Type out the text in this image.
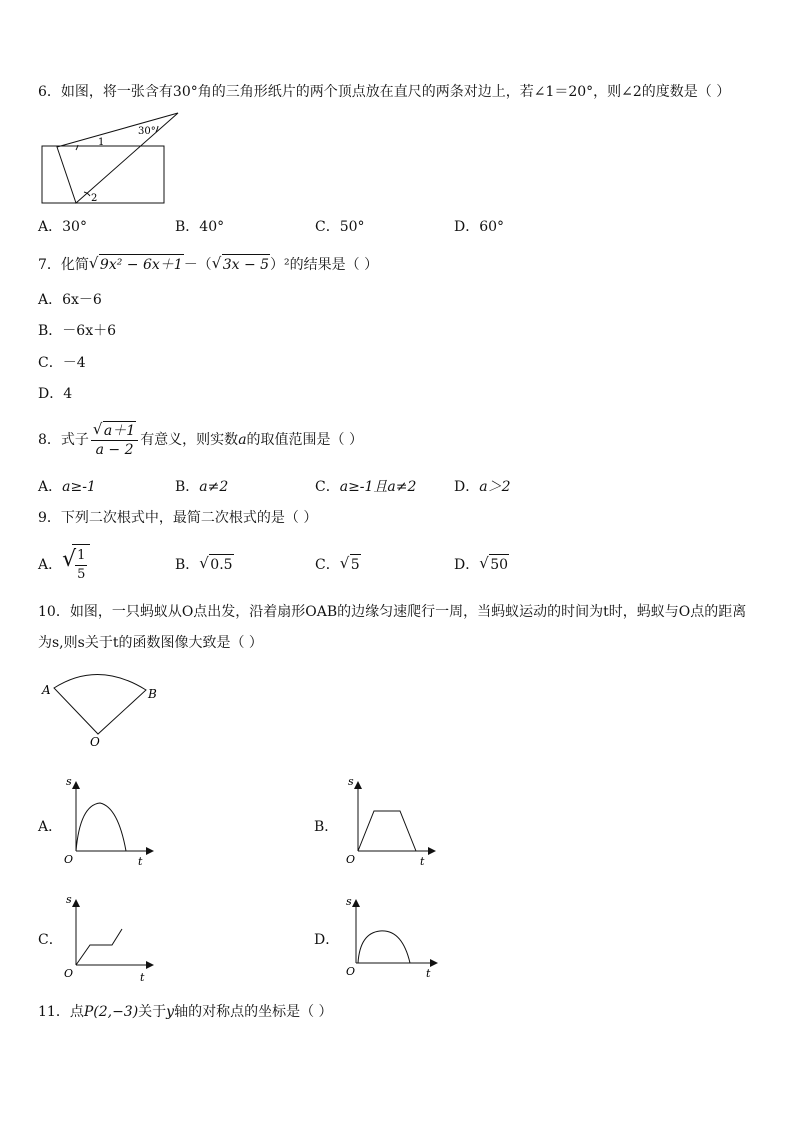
6．如图，将一张含有30°角的三角形纸片的两个顶点放在直尺的两条对边上，若∠1＝20°，则∠2的度数是（ ）
30°
1
2
A．30°	B．40°	C．50°	D．60°
7．化简 √ 9x² − 6x＋1－（ √ 3x − 5）²的结果是（ ）
A．6x－6
B．－6x＋6
C．－4
D．4
8．式子 $\frac{√ a+1}{a - 2}$ 有意义，则实数a的取值范围是（ ）
A．a≥-1	B．a≠2	C．a≥-1且a≠2	D．a＞2
9．下列二次根式中，最简二次根式的是（ ）
A． √
$\frac{1}{5}$	B． √ 0.5	C． √ 5	D． √ 50
10．如图，一只蚂蚁从O点出发，沿着扇形OAB的边缘匀速爬行一周，当蚂蚁运动的时间为t时，蚂蚁与O点的距离
为s,则s关于t的函数图像大致是（ ）
A	B
O
A．
s
O	t
B．
s
O	t
C．
s
O	t
D．
s
O	t
11．点P(2,−3)关于y轴的对称点的坐标是（ ）
